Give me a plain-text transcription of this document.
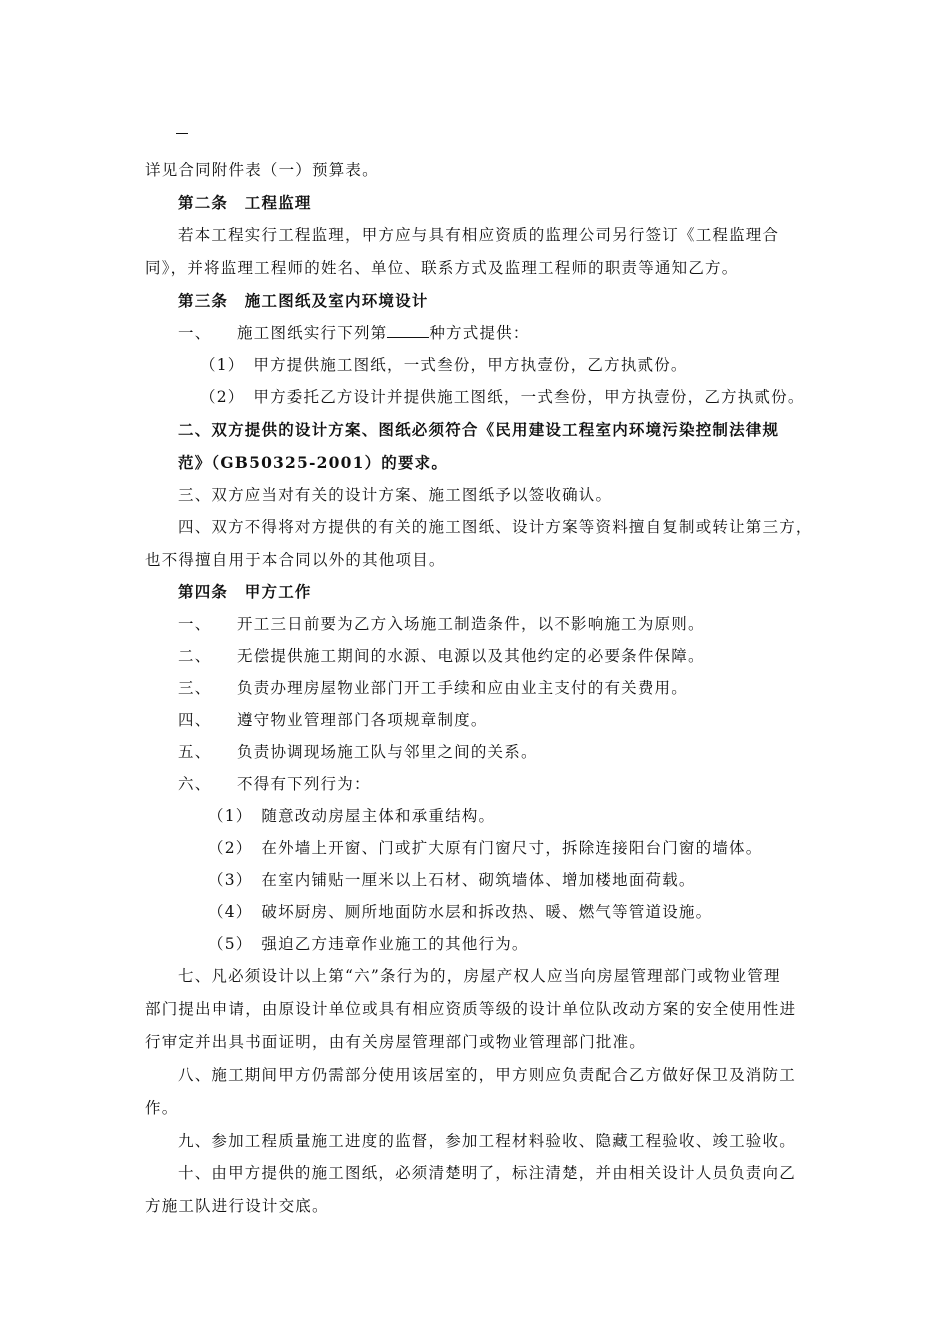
详见合同附件表（一）预算表。
第二条　工程监理
若本工程实行工程监理，甲方应与具有相应资质的监理公司另行签订《工程监理合
同》，并将监理工程师的姓名、单位、联系方式及监理工程师的职责等通知乙方。
第三条　施工图纸及室内环境设计
一、　　施工图纸实行下列第	种方式提供：
（1）　甲方提供施工图纸，一式叁份，甲方执壹份，乙方执贰份。
（2）　甲方委托乙方设计并提供施工图纸，一式叁份，甲方执壹份，乙方执贰份。
二、双方提供的设计方案、图纸必须符合《民用建设工程室内环境污染控制法律规
范》（GB50325-2001）的要求。
三、双方应当对有关的设计方案、施工图纸予以签收确认。
四、双方不得将对方提供的有关的施工图纸、设计方案等资料擅自复制或转让第三方，
也不得擅自用于本合同以外的其他项目。
第四条　甲方工作
一、　　开工三日前要为乙方入场施工制造条件，以不影响施工为原则。
二、　　无偿提供施工期间的水源、电源以及其他约定的必要条件保障。
三、　　负责办理房屋物业部门开工手续和应由业主支付的有关费用。
四、　　遵守物业管理部门各项规章制度。
五、　　负责协调现场施工队与邻里之间的关系。
六、　　不得有下列行为：
（1）　随意改动房屋主体和承重结构。
（2）　在外墙上开窗、门或扩大原有门窗尺寸，拆除连接阳台门窗的墙体。
（3）　在室内铺贴一厘米以上石材、砌筑墙体、增加楼地面荷载。
（4）　破坏厨房、厕所地面防水层和拆改热、暖、燃气等管道设施。
（5）　强迫乙方违章作业施工的其他行为。
七、凡必须设计以上第“六”条行为的，房屋产权人应当向房屋管理部门或物业管理
部门提出申请，由原设计单位或具有相应资质等级的设计单位队改动方案的安全使用性进
行审定并出具书面证明，由有关房屋管理部门或物业管理部门批准。
八、施工期间甲方仍需部分使用该居室的，甲方则应负责配合乙方做好保卫及消防工
作。
九、参加工程质量施工进度的监督，参加工程材料验收、隐藏工程验收、竣工验收。
十、由甲方提供的施工图纸，必须清楚明了，标注清楚，并由相关设计人员负责向乙
方施工队进行设计交底。
